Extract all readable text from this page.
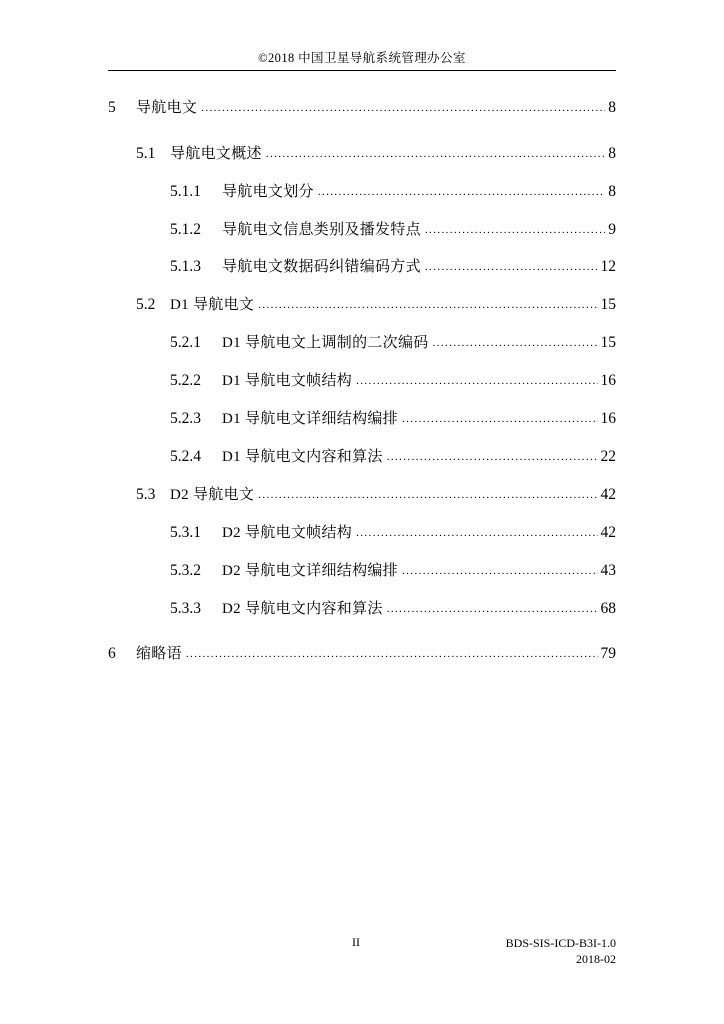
©2018 中国卫星导航系统管理办公室
5	导航电文 .....	8
5.1 导航电文概述 .....	8
5.1.1	导航电文划分 .....	8
5.1.2	导航电文信息类别及播发特点 .....	9
5.1.3	导航电文数据码纠错编码方式 .....	12
5.2 D1 导航电文 .....	15
5.2.1	D1 导航电文上调制的二次编码 .....	15
5.2.2	D1 导航电文帧结构 .....	16
5.2.3	D1 导航电文详细结构编排 .....	16
5.2.4	D1 导航电文内容和算法 .....	22
5.3 D2 导航电文 .....	42
5.3.1	D2 导航电文帧结构 .....	42
5.3.2	D2 导航电文详细结构编排 .....	43
5.3.3	D2 导航电文内容和算法 .....	68
6	缩略语 .....	79
II	BDS-SIS-ICD-B3I-1.0
2018-02
